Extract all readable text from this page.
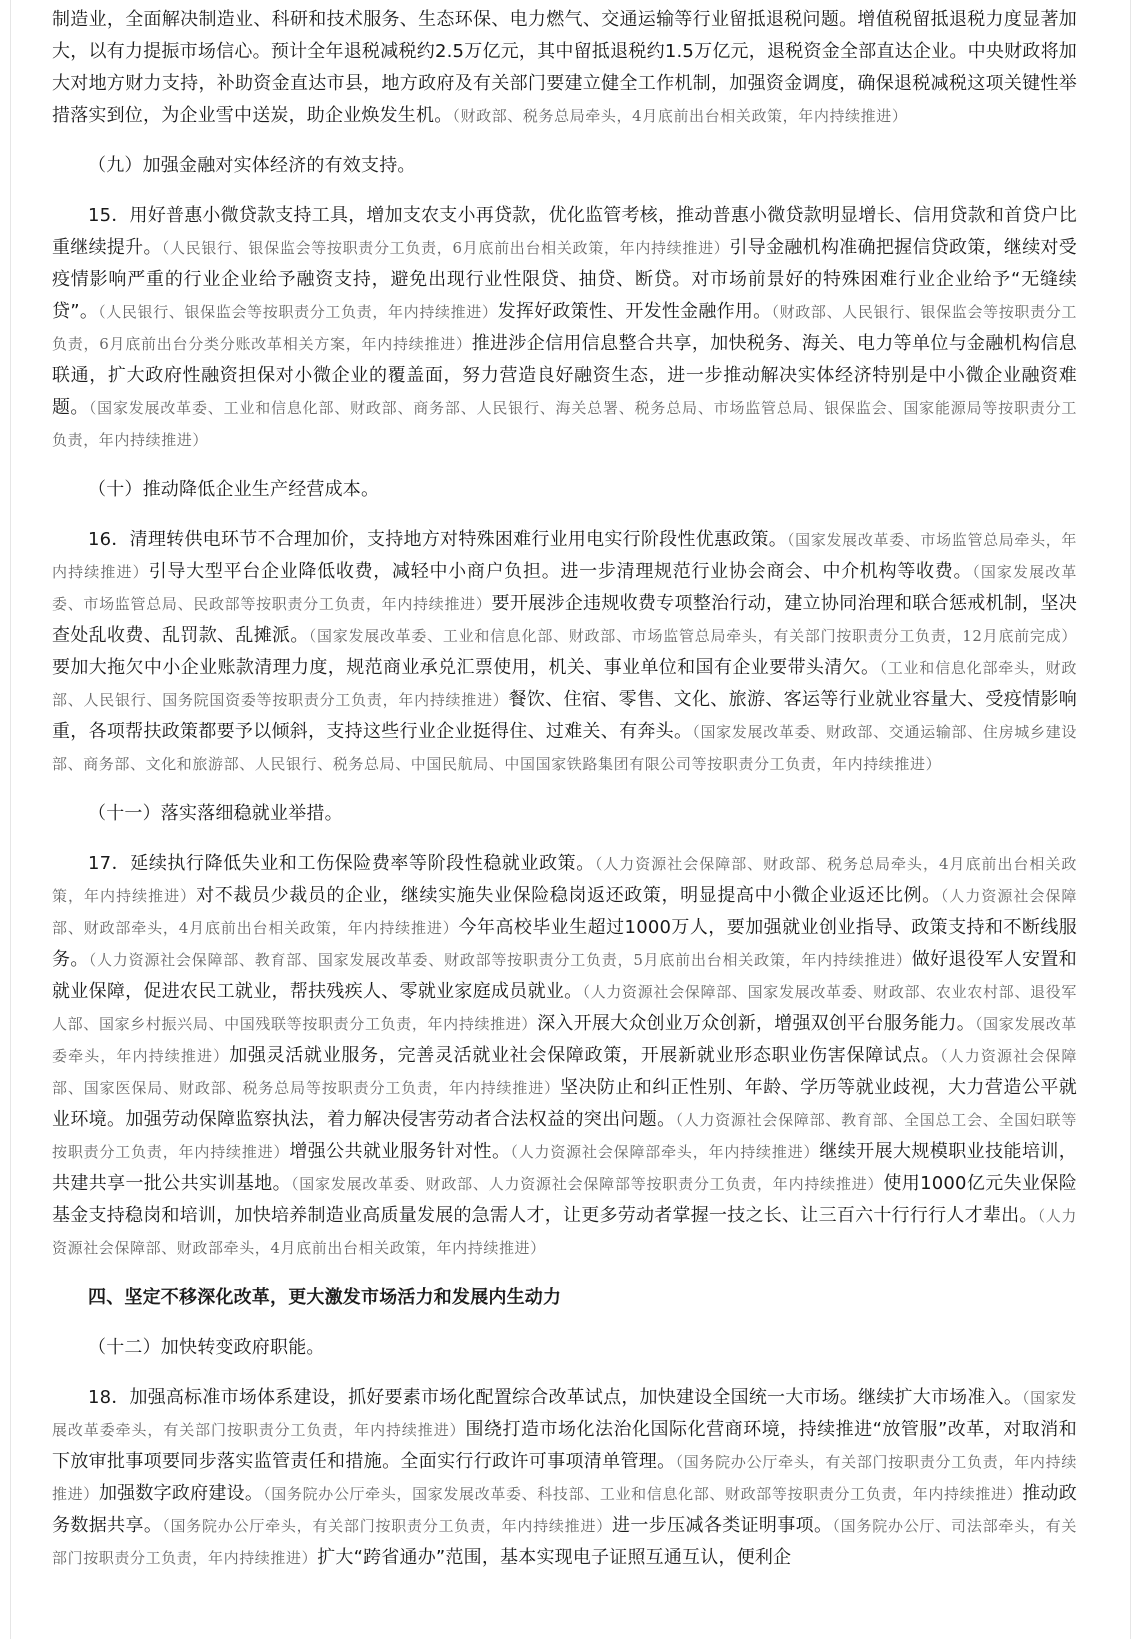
制造业，全面解决制造业、科研和技术服务、生态环保、电力燃气、交通运输等行业留抵退税问题。增值税留抵退税力度显著加大，以有力提振市场信心。预计全年退税减税约2.5万亿元，其中留抵退税约1.5万亿元，退税资金全部直达企业。中央财政将加大对地方财力支持，补助资金直达市县，地方政府及有关部门要建立健全工作机制，加强资金调度，确保退税减税这项关键性举措落实到位，为企业雪中送炭，助企业焕发生机。（财政部、税务总局牵头，4月底前出台相关政策，年内持续推进）

（九）加强金融对实体经济的有效支持。

15．用好普惠小微贷款支持工具，增加支农支小再贷款，优化监管考核，推动普惠小微贷款明显增长、信用贷款和首贷户比重继续提升。（人民银行、银保监会等按职责分工负责，6月底前出台相关政策，年内持续推进）引导金融机构准确把握信贷政策，继续对受疫情影响严重的行业企业给予融资支持，避免出现行业性限贷、抽贷、断贷。对市场前景好的特殊困难行业企业给予“无缝续贷”。（人民银行、银保监会等按职责分工负责，年内持续推进）发挥好政策性、开发性金融作用。（财政部、人民银行、银保监会等按职责分工负责，6月底前出台分类分账改革相关方案，年内持续推进）推进涉企信用信息整合共享，加快税务、海关、电力等单位与金融机构信息联通，扩大政府性融资担保对小微企业的覆盖面，努力营造良好融资生态，进一步推动解决实体经济特别是中小微企业融资难题。（国家发展改革委、工业和信息化部、财政部、商务部、人民银行、海关总署、税务总局、市场监管总局、银保监会、国家能源局等按职责分工负责，年内持续推进）

（十）推动降低企业生产经营成本。

16．清理转供电环节不合理加价，支持地方对特殊困难行业用电实行阶段性优惠政策。（国家发展改革委、市场监管总局牵头，年内持续推进）引导大型平台企业降低收费，减轻中小商户负担。进一步清理规范行业协会商会、中介机构等收费。（国家发展改革委、市场监管总局、民政部等按职责分工负责，年内持续推进）要开展涉企违规收费专项整治行动，建立协同治理和联合惩戒机制，坚决查处乱收费、乱罚款、乱摊派。（国家发展改革委、工业和信息化部、财政部、市场监管总局牵头，有关部门按职责分工负责，12月底前完成）要加大拖欠中小企业账款清理力度，规范商业承兑汇票使用，机关、事业单位和国有企业要带头清欠。（工业和信息化部牵头，财政部、人民银行、国务院国资委等按职责分工负责，年内持续推进）餐饮、住宿、零售、文化、旅游、客运等行业就业容量大、受疫情影响重，各项帮扶政策都要予以倾斜，支持这些行业企业挺得住、过难关、有奔头。（国家发展改革委、财政部、交通运输部、住房城乡建设部、商务部、文化和旅游部、人民银行、税务总局、中国民航局、中国国家铁路集团有限公司等按职责分工负责，年内持续推进）

（十一）落实落细稳就业举措。

17．延续执行降低失业和工伤保险费率等阶段性稳就业政策。（人力资源社会保障部、财政部、税务总局牵头，4月底前出台相关政策，年内持续推进）对不裁员少裁员的企业，继续实施失业保险稳岗返还政策，明显提高中小微企业返还比例。（人力资源社会保障部、财政部牵头，4月底前出台相关政策，年内持续推进）今年高校毕业生超过1000万人，要加强就业创业指导、政策支持和不断线服务。（人力资源社会保障部、教育部、国家发展改革委、财政部等按职责分工负责，5月底前出台相关政策，年内持续推进）做好退役军人安置和就业保障，促进农民工就业，帮扶残疾人、零就业家庭成员就业。（人力资源社会保障部、国家发展改革委、财政部、农业农村部、退役军人部、国家乡村振兴局、中国残联等按职责分工负责，年内持续推进）深入开展大众创业万众创新，增强双创平台服务能力。（国家发展改革委牵头，年内持续推进）加强灵活就业服务，完善灵活就业社会保障政策，开展新就业形态职业伤害保障试点。（人力资源社会保障部、国家医保局、财政部、税务总局等按职责分工负责，年内持续推进）坚决防止和纠正性别、年龄、学历等就业歧视，大力营造公平就业环境。加强劳动保障监察执法，着力解决侵害劳动者合法权益的突出问题。（人力资源社会保障部、教育部、全国总工会、全国妇联等按职责分工负责，年内持续推进）增强公共就业服务针对性。（人力资源社会保障部牵头，年内持续推进）继续开展大规模职业技能培训，共建共享一批公共实训基地。（国家发展改革委、财政部、人力资源社会保障部等按职责分工负责，年内持续推进）使用1000亿元失业保险基金支持稳岗和培训，加快培养制造业高质量发展的急需人才，让更多劳动者掌握一技之长、让三百六十行行行人才辈出。（人力资源社会保障部、财政部牵头，4月底前出台相关政策，年内持续推进）

四、坚定不移深化改革，更大激发市场活力和发展内生动力

（十二）加快转变政府职能。

18．加强高标准市场体系建设，抓好要素市场化配置综合改革试点，加快建设全国统一大市场。继续扩大市场准入。（国家发展改革委牵头，有关部门按职责分工负责，年内持续推进）围绕打造市场化法治化国际化营商环境，持续推进“放管服”改革，对取消和下放审批事项要同步落实监管责任和措施。全面实行行政许可事项清单管理。（国务院办公厅牵头，有关部门按职责分工负责，年内持续推进）加强数字政府建设。（国务院办公厅牵头，国家发展改革委、科技部、工业和信息化部、财政部等按职责分工负责，年内持续推进）推动政务数据共享。（国务院办公厅牵头，有关部门按职责分工负责，年内持续推进）进一步压减各类证明事项。（国务院办公厅、司法部牵头，有关部门按职责分工负责，年内持续推进）扩大“跨省通办”范围，基本实现电子证照互通互认，便利企
